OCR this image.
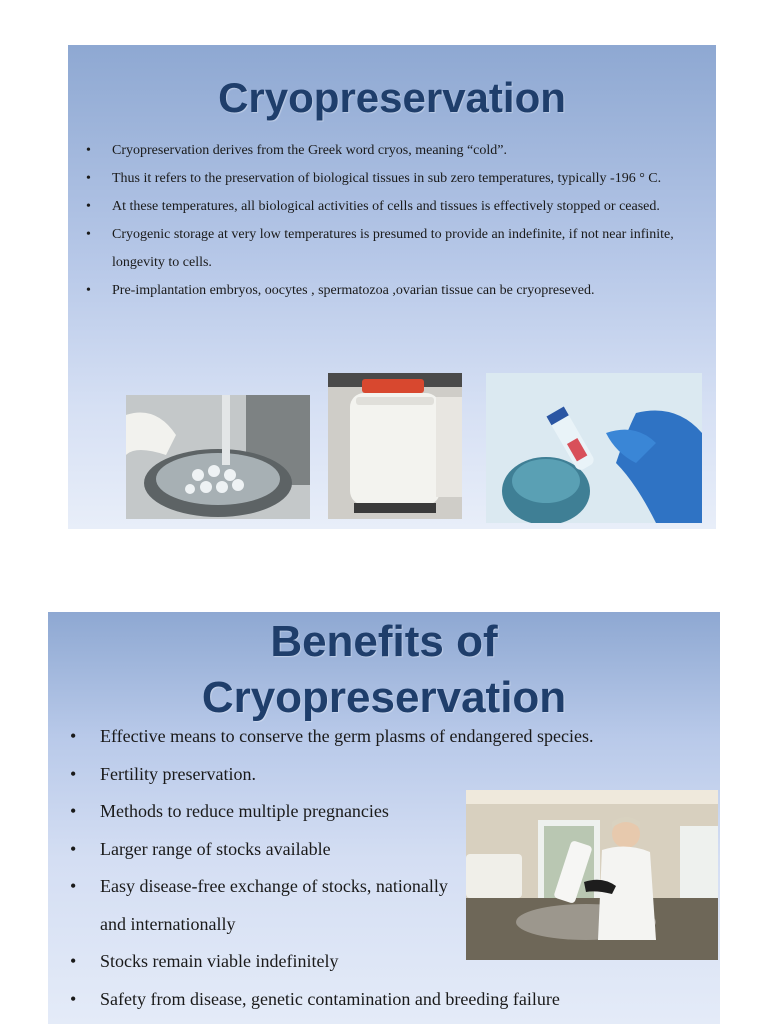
Cryopreservation
• Cryopreservation derives from the Greek word cryos, meaning “cold”.
• Thus it refers to the preservation of biological tissues in sub zero temperatures, typically -196 ° C.
• At these temperatures, all biological activities of cells and tissues is effectively stopped or ceased.
• Cryogenic storage at very low temperatures is presumed to provide an indefinite, if not near infinite, longevity to cells.
• Pre-implantation embryos, oocytes , spermatozoa ,ovarian tissue can be cryopreseved.
Benefits of
Cryopreservation
• Effective means to conserve the germ plasms of endangered species.
• Fertility preservation.
• Methods to reduce multiple pregnancies
• Larger range of stocks available
• Easy disease-free exchange of stocks, nationally and internationally
• Stocks remain viable indefinitely
• Safety from disease, genetic contamination and breeding failure
